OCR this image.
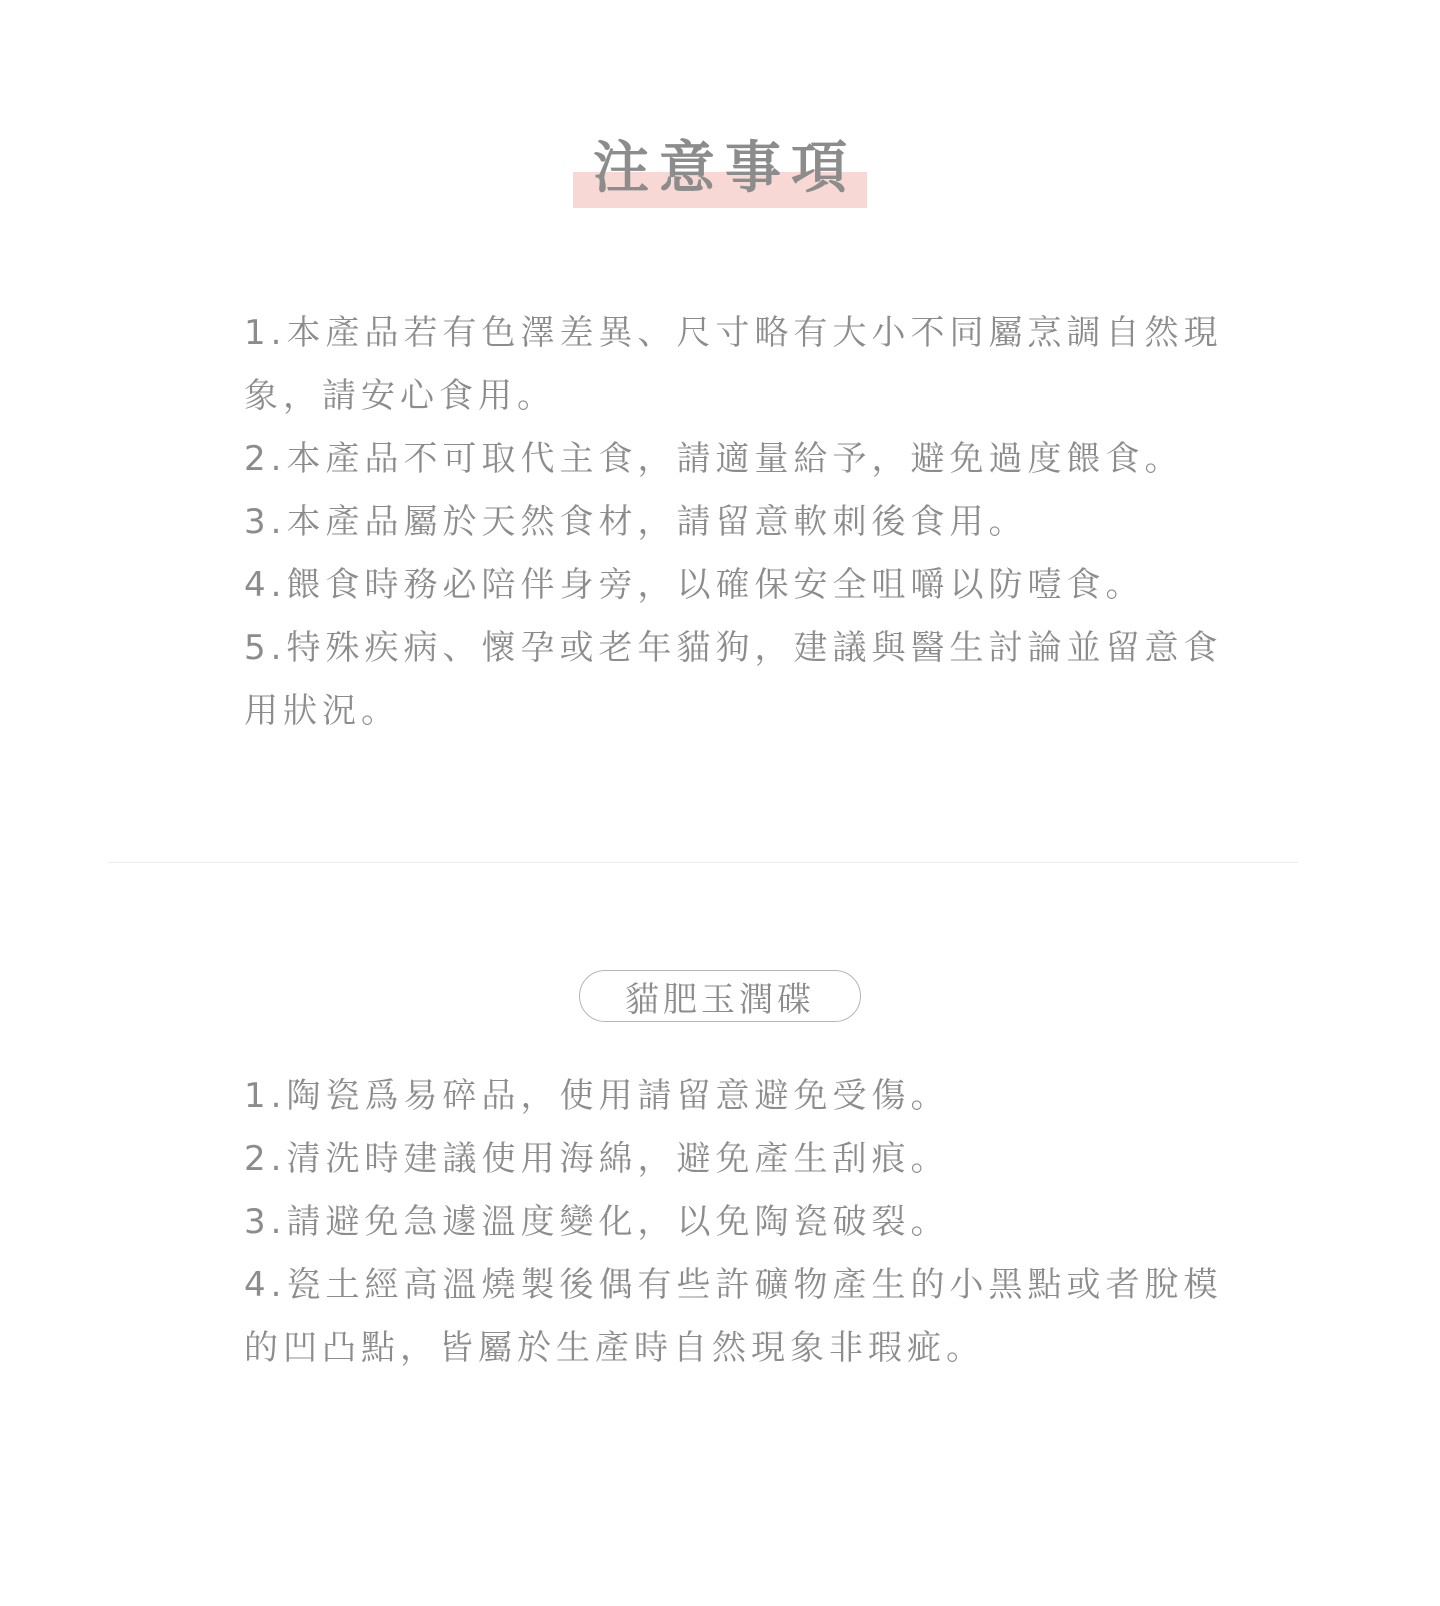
注意事項
1.本產品若有色澤差異、尺寸略有大小不同屬烹調自然現象，請安心食用。
2.本產品不可取代主食，請適量給予，避免過度餵食。
3.本產品屬於天然食材，請留意軟刺後食用。
4.餵食時務必陪伴身旁，以確保安全咀嚼以防噎食。
5.特殊疾病、懷孕或老年貓狗，建議與醫生討論並留意食用狀況。
貓肥玉潤碟
1.陶瓷爲易碎品，使用請留意避免受傷。
2.清洗時建議使用海綿，避免產生刮痕。
3.請避免急遽溫度變化，以免陶瓷破裂。
4.瓷土經高溫燒製後偶有些許礦物產生的小黑點或者脫模的凹凸點，皆屬於生產時自然現象非瑕疵。
